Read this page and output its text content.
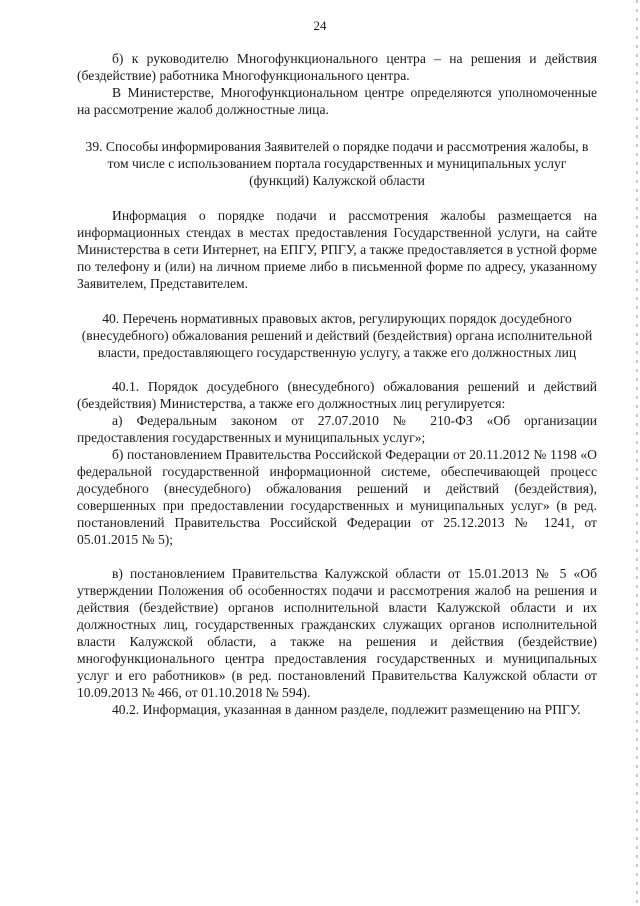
24

б) к руководителю Многофункционального центра – на решения и действия (бездействие) работника Многофункционального центра.

В Министерстве, Многофункциональном центре определяются уполномоченные на рассмотрение жалоб должностные лица.

39. Способы информирования Заявителей о порядке подачи и рассмотрения жалобы, в том числе с использованием портала государственных и муниципальных услуг (функций) Калужской области

Информация о порядке подачи и рассмотрения жалобы размещается на информационных стендах в местах предоставления Государственной услуги, на сайте Министерства в сети Интернет, на ЕПГУ, РПГУ, а также предоставляется в устной форме по телефону и (или) на личном приеме либо в письменной форме по адресу, указанному Заявителем, Представителем.

40. Перечень нормативных правовых актов, регулирующих порядок досудебного (внесудебного) обжалования решений и действий (бездействия) органа исполнительной власти, предоставляющего государственную услугу, а также его должностных лиц

40.1. Порядок досудебного (внесудебного) обжалования решений и действий (бездействия) Министерства, а также его должностных лиц регулируется:

а) Федеральным законом от 27.07.2010 № 210-ФЗ «Об организации предоставления государственных и муниципальных услуг»;

б) постановлением Правительства Российской Федерации от 20.11.2012 № 1198 «О федеральной государственной информационной системе, обеспечивающей процесс досудебного (внесудебного) обжалования решений и действий (бездействия), совершенных при предоставлении государственных и муниципальных услуг» (в ред. постановлений Правительства Российской Федерации от 25.12.2013 № 1241, от 05.01.2015 № 5);

в) постановлением Правительства Калужской области от 15.01.2013 № 5 «Об утверждении Положения об особенностях подачи и рассмотрения жалоб на решения и действия (бездействие) органов исполнительной власти Калужской области и их должностных лиц, государственных гражданских служащих органов исполнительной власти Калужской области, а также на решения и действия (бездействие) многофункционального центра предоставления государственных и муниципальных услуг и его работников» (в ред. постановлений Правительства Калужской области от 10.09.2013 № 466, от 01.10.2018 № 594).

40.2. Информация, указанная в данном разделе, подлежит размещению на РПГУ.
